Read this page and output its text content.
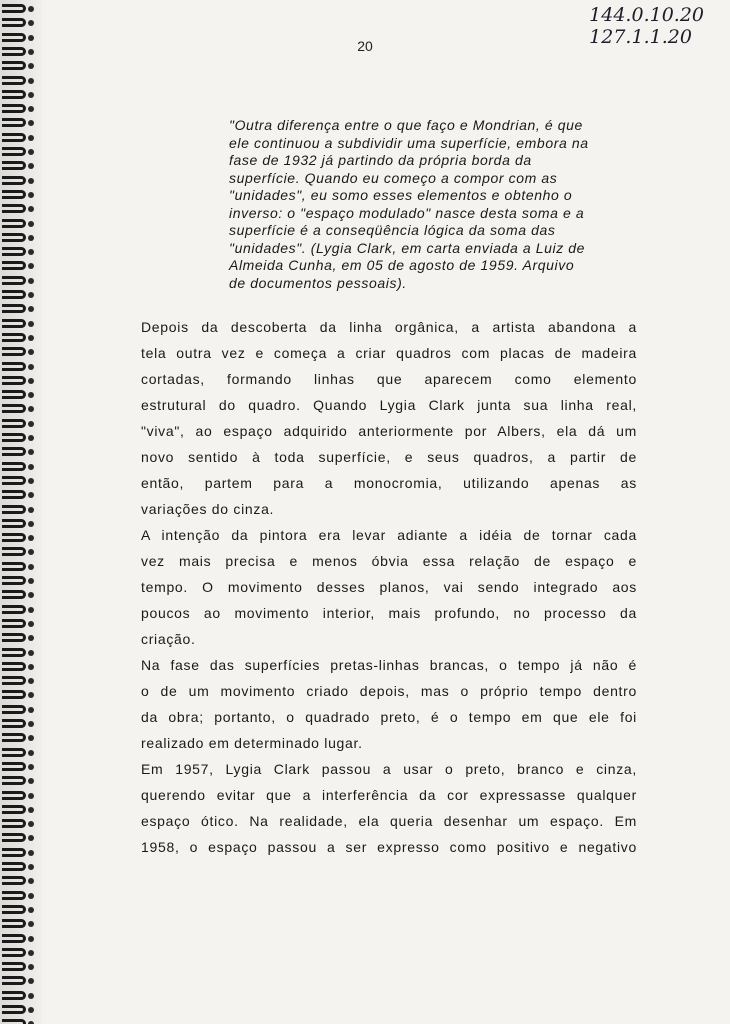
144.0.10.20
127.1.1.20
20
"Outra diferença entre o que faço e Mondrian, é que
ele continuou a subdividir uma superfície, embora na
fase de 1932 já partindo da própria borda da
superfície. Quando eu começo a compor com as
"unidades", eu somo esses elementos e obtenho o
inverso: o "espaço modulado" nasce desta soma e a
superfície é a conseqüência lógica da soma das
"unidades". (Lygia Clark, em carta enviada a Luiz de
Almeida Cunha, em 05 de agosto de 1959. Arquivo
de documentos pessoais).
Depois da descoberta da linha orgânica, a artista abandona a
tela outra vez e começa a criar quadros com placas de madeira
cortadas, formando linhas que aparecem como elemento
estrutural do quadro. Quando Lygia Clark junta sua linha real,
"viva", ao espaço adquirido anteriormente por Albers, ela dá um
novo sentido à toda superfície, e seus quadros, a partir de
então, partem para a monocromia, utilizando apenas as
variações do cinza.
A intenção da pintora era levar adiante a idéia de tornar cada
vez mais precisa e menos óbvia essa relação de espaço e
tempo. O movimento desses planos, vai sendo integrado aos
poucos ao movimento interior, mais profundo, no processo da
criação.
Na fase das superfícies pretas-linhas brancas, o tempo já não é
o de um movimento criado depois, mas o próprio tempo dentro
da obra; portanto, o quadrado preto, é o tempo em que ele foi
realizado em determinado lugar.
Em 1957, Lygia Clark passou a usar o preto, branco e cinza,
querendo evitar que a interferência da cor expressasse qualquer
espaço ótico. Na realidade, ela queria desenhar um espaço. Em
1958, o espaço passou a ser expresso como positivo e negativo
